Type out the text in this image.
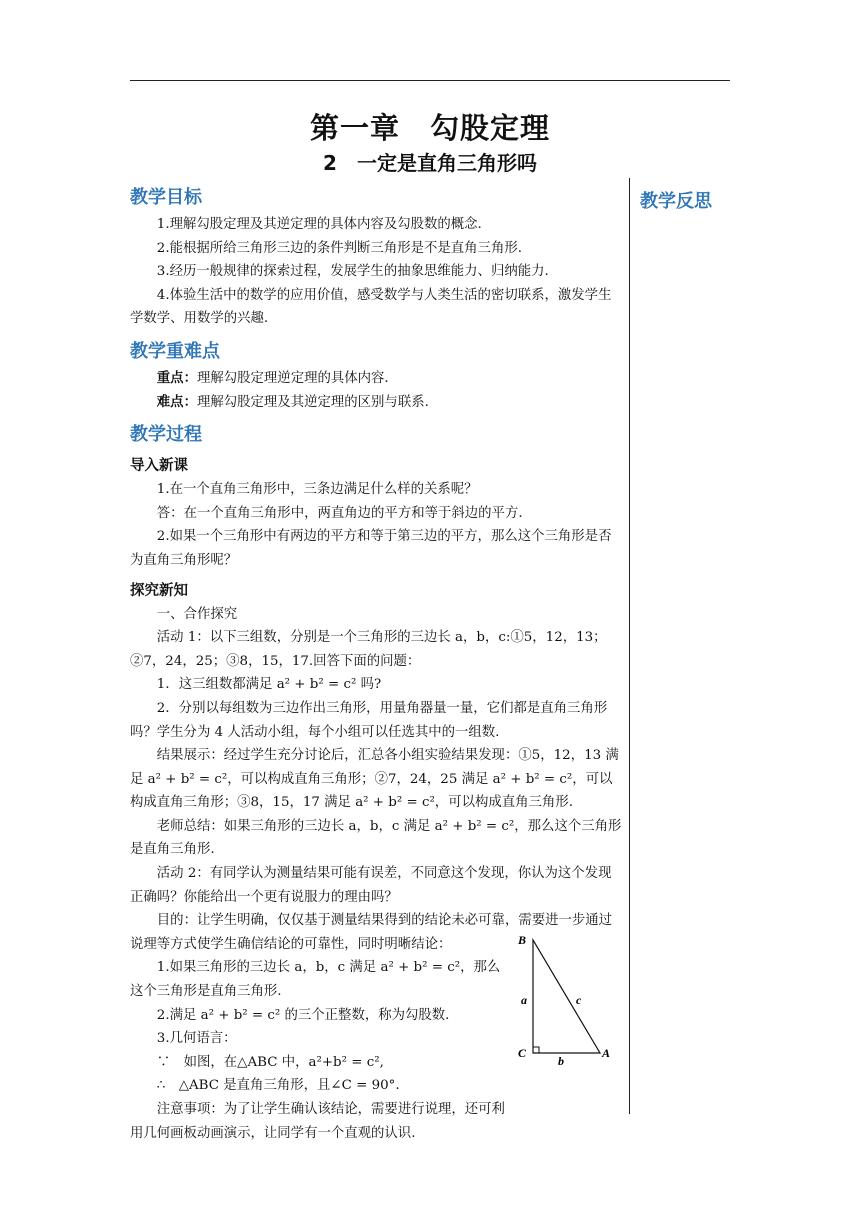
第一章　勾股定理
2　一定是直角三角形吗
教学反思
教学目标

1.理解勾股定理及其逆定理的具体内容及勾股数的概念.

2.能根据所给三角形三边的条件判断三角形是不是直角三角形.

3.经历一般规律的探索过程，发展学生的抽象思维能力、归纳能力.

4.体验生活中的数学的应用价值，感受数学与人类生活的密切联系，激发学生学数学、用数学的兴趣.

教学重难点

重点：理解勾股定理逆定理的具体内容.

难点：理解勾股定理及其逆定理的区别与联系.

教学过程
导入新课

1.在一个直角三角形中，三条边满足什么样的关系呢？

答：在一个直角三角形中，两直角边的平方和等于斜边的平方.

2.如果一个三角形中有两边的平方和等于第三边的平方，那么这个三角形是否为直角三角形呢？

探究新知

一、合作探究

活动 1：以下三组数，分别是一个三角形的三边长 a，b，c:①5，12，13；②7，24，25；③8，15，17.回答下面的问题：

1．这三组数都满足 a² + b² = c² 吗?

2．分别以每组数为三边作出三角形，用量角器量一量，它们都是直角三角形吗？学生分为 4 人活动小组，每个小组可以任选其中的一组数.

结果展示：经过学生充分讨论后，汇总各小组实验结果发现：①5，12，13 满足 a² + b² = c²，可以构成直角三角形；②7，24，25 满足 a² + b² = c²，可以构成直角三角形；③8，15，17 满足 a² + b² = c²，可以构成直角三角形.

老师总结：如果三角形的三边长 a，b，c 满足 a² + b² = c²，那么这个三角形是直角三角形.

活动 2：有同学认为测量结果可能有误差，不同意这个发现，你认为这个发现正确吗？你能给出一个更有说服力的理由吗？

目的：让学生明确，仅仅基于测量结果得到的结论未必可靠，需要进一步通过说理等方式使学生确信结论的可靠性，同时明晰结论：

1.如果三角形的三边长 a，b，c 满足 a² + b² = c²，那么这个三角形是直角三角形.

2.满足 a² + b² = c² 的三个正整数，称为勾股数.

3.几何语言：

∵　如图，在△ABC 中，a²+b² = c²,

∴　△ABC 是直角三角形，且∠C = 90°.

注意事项：为了让学生确认该结论，需要进行说理，还可利用几何画板动画演示，让同学有一个直观的认识.

B
C	A
a
b
c
